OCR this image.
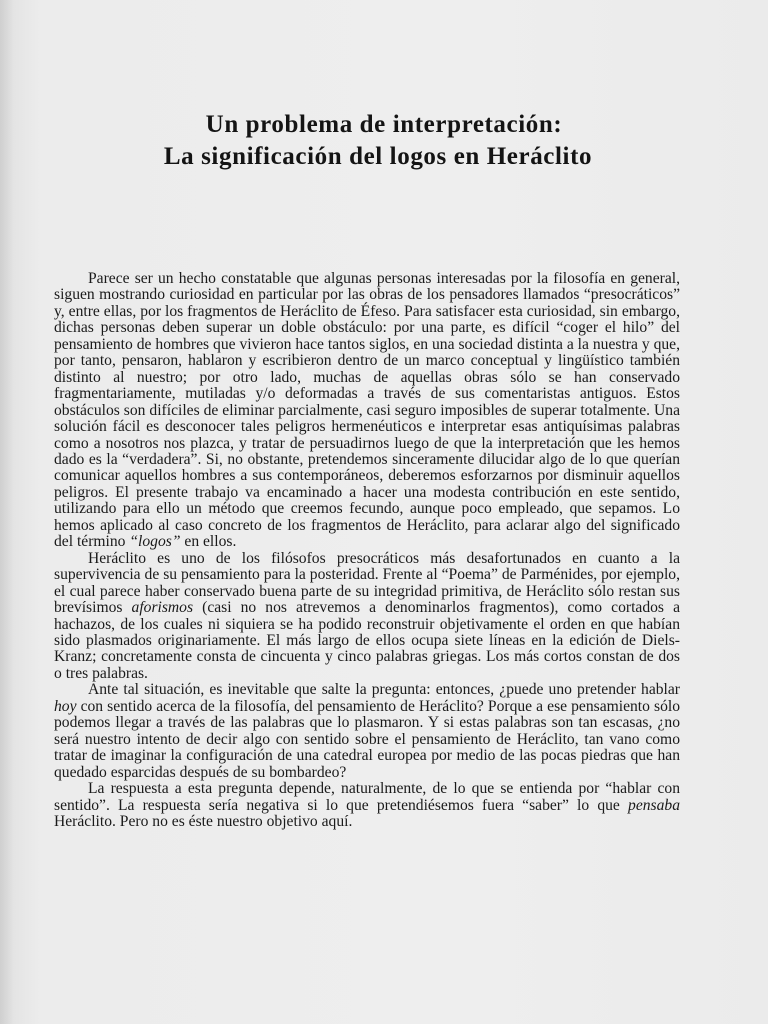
Un problema de interpretación:
La significación del logos en Heráclito

Parece ser un hecho constatable que algunas personas interesadas por la filosofía en general, siguen mostrando curiosidad en particular por las obras de los pensadores llamados “presocráticos” y, entre ellas, por los fragmentos de Heráclito de Éfeso. Para satisfacer esta curiosidad, sin embargo, dichas personas deben superar un doble obstáculo: por una parte, es difícil “coger el hilo” del pensamiento de hombres que vivieron hace tantos siglos, en una sociedad distinta a la nuestra y que, por tanto, pensaron, hablaron y escribieron dentro de un marco conceptual y lingüístico también distinto al nuestro; por otro lado, muchas de aquellas obras sólo se han conservado fragmentariamente, mutiladas y/o deformadas a través de sus comentaristas antiguos. Estos obstáculos son difíciles de eliminar parcialmente, casi seguro imposibles de superar totalmente. Una solución fácil es desconocer tales peligros hermenéuticos e interpretar esas antiquísimas palabras como a nosotros nos plazca, y tratar de persuadirnos luego de que la interpretación que les hemos dado es la “verdadera”. Si, no obstante, pretendemos sinceramente dilucidar algo de lo que querían comunicar aquellos hombres a sus contemporáneos, deberemos esforzarnos por disminuir aquellos peligros. El presente trabajo va encaminado a hacer una modesta contribución en este sentido, utilizando para ello un método que creemos fecundo, aunque poco empleado, que sepamos. Lo hemos aplicado al caso concreto de los fragmentos de Heráclito, para aclarar algo del significado del término “logos” en ellos.

Heráclito es uno de los filósofos presocráticos más desafortunados en cuanto a la supervivencia de su pensamiento para la posteridad. Frente al “Poema” de Parménides, por ejemplo, el cual parece haber conservado buena parte de su integridad primitiva, de Heráclito sólo restan sus brevísimos aforismos (casi no nos atrevemos a denominarlos fragmentos), como cortados a hachazos, de los cuales ni siquiera se ha podido reconstruir objetivamente el orden en que habían sido plasmados originariamente. El más largo de ellos ocupa siete líneas en la edición de Diels-Kranz; concretamente consta de cincuenta y cinco palabras griegas. Los más cortos constan de dos o tres palabras.

Ante tal situación, es inevitable que salte la pregunta: entonces, ¿puede uno pretender hablar hoy con sentido acerca de la filosofía, del pensamiento de Heráclito? Porque a ese pensamiento sólo podemos llegar a través de las palabras que lo plasmaron. Y si estas palabras son tan escasas, ¿no será nuestro intento de decir algo con sentido sobre el pensamiento de Heráclito, tan vano como tratar de imaginar la configuración de una catedral europea por medio de las pocas piedras que han quedado esparcidas después de su bombardeo?

La respuesta a esta pregunta depende, naturalmente, de lo que se entienda por “hablar con sentido”. La respuesta sería negativa si lo que pretendiésemos fuera “saber” lo que pensaba Heráclito. Pero no es éste nuestro objetivo aquí.
